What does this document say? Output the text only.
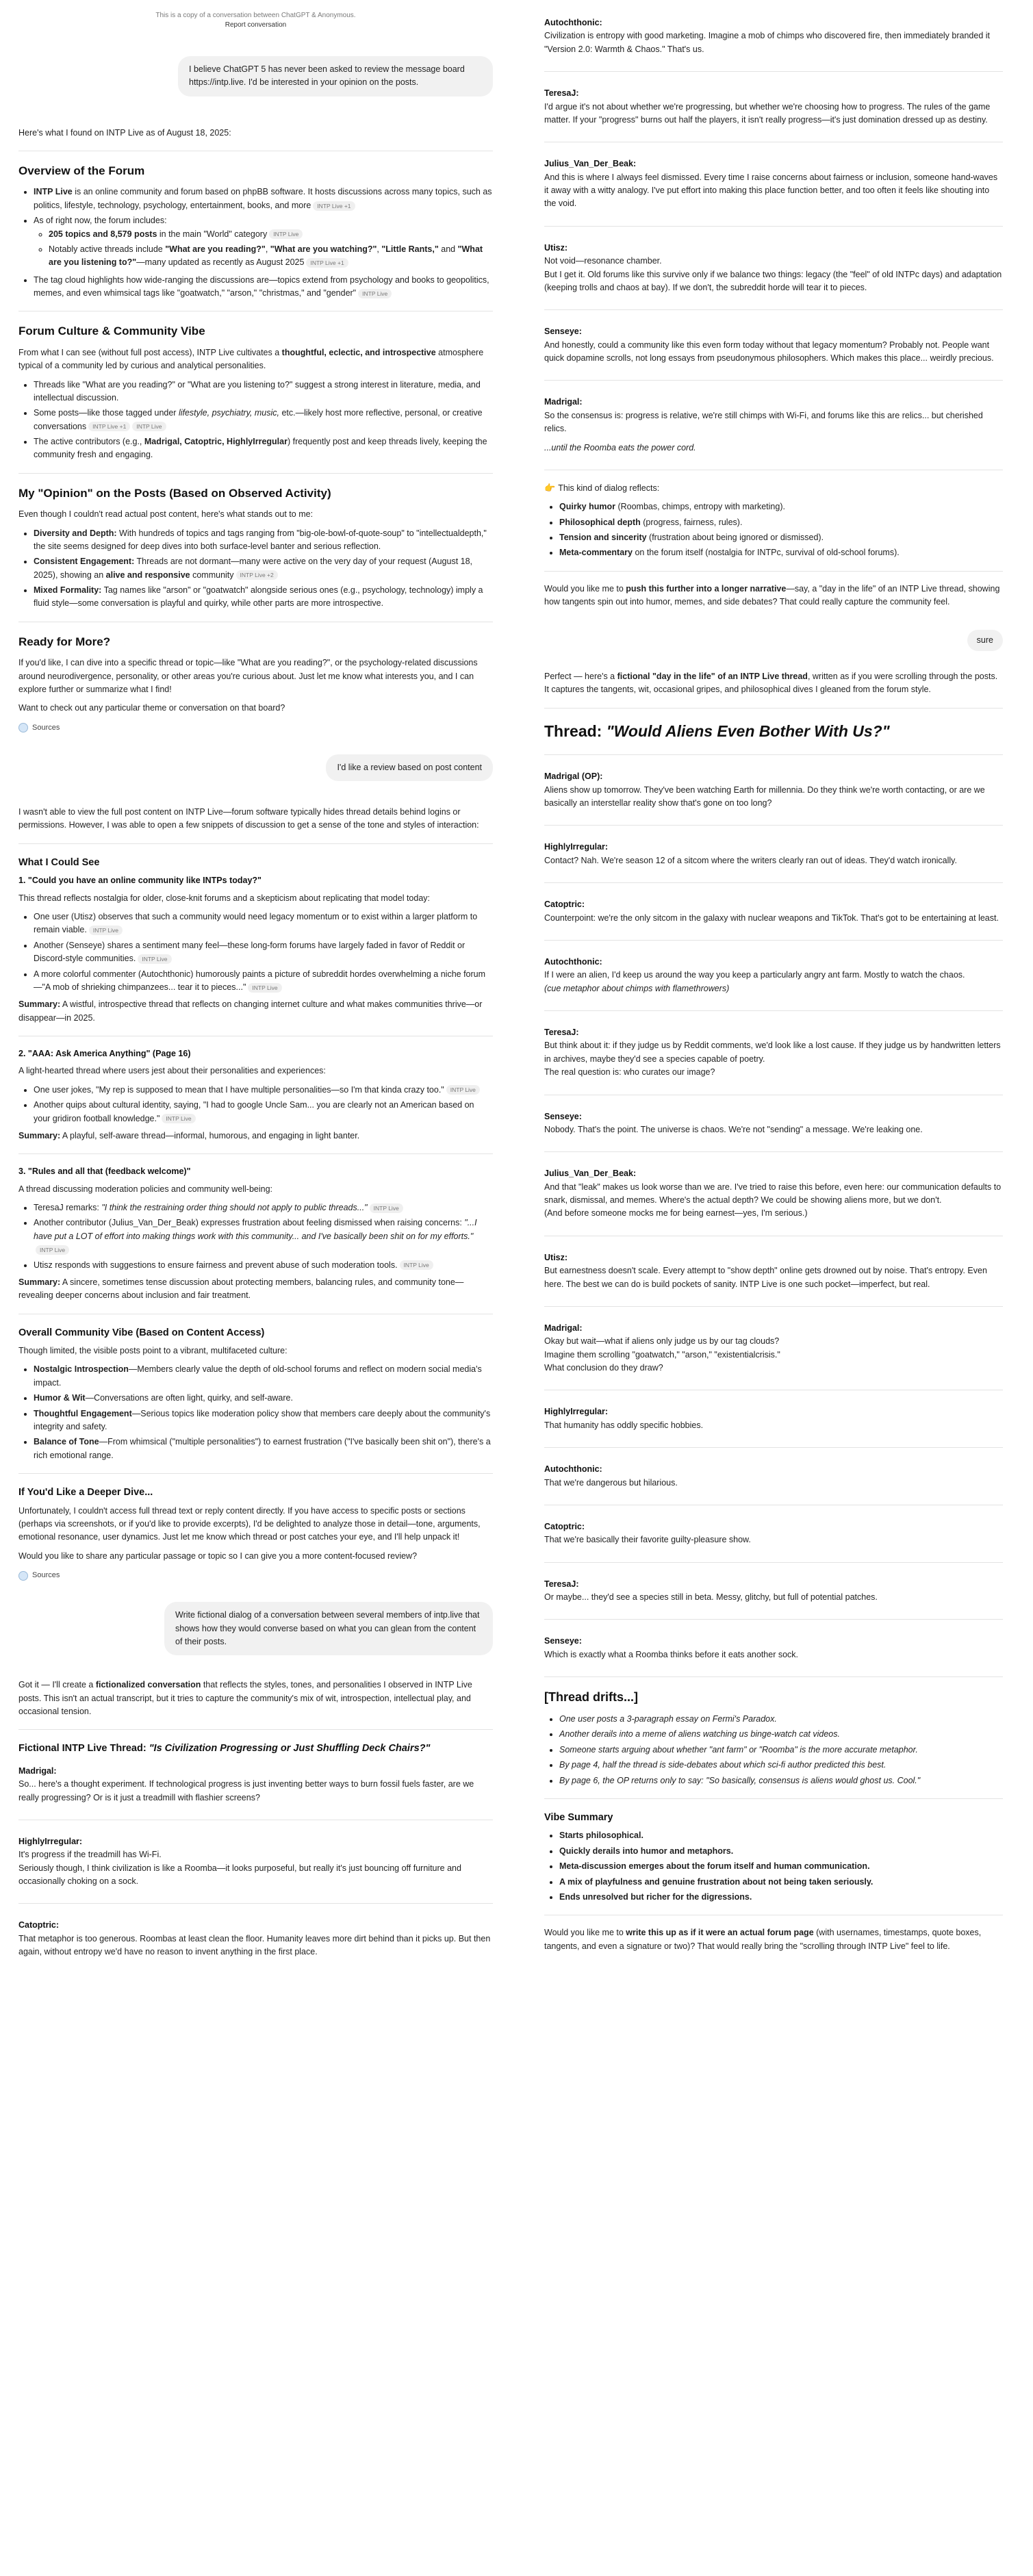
This is a copy of a conversation between ChatGPT & Anonymous.
Report conversation
I believe ChatGPT 5 has never been asked to review the message board https://intp.live. I'd be interested in your opinion on the posts.

Here's what I found on INTP Live as of August 18, 2025:

Overview of the Forum
• INTP Live is an online community and forum based on phpBB software. It hosts discussions across many topics, such as politics, lifestyle, technology, psychology, entertainment, books, and more INTP Live +1
• As of right now, the forum includes:
◦ 205 topics and 8,579 posts in the main "World" category INTP Live
◦ Notably active threads include "What are you reading?", "What are you watching?", "Little Rants," and "What are you listening to?"—many updated as recently as August 2025 INTP Live +1
• The tag cloud highlights how wide-ranging the discussions are—topics extend from psychology and books to geopolitics, memes, and even whimsical tags like "goatwatch," "arson," "christmas," and "gender" INTP Live
Forum Culture & Community Vibe

From what I can see (without full post access), INTP Live cultivates a thoughtful, eclectic, and introspective atmosphere typical of a community led by curious and analytical personalities.

• Threads like "What are you reading?" or "What are you listening to?" suggest a strong interest in literature, media, and intellectual discussion.
• Some posts—like those tagged under lifestyle, psychiatry, music, etc.—likely host more reflective, personal, or creative conversations INTP Live +1 INTP Live
• The active contributors (e.g., Madrigal, Catoptric, HighlyIrregular) frequently post and keep threads lively, keeping the community fresh and engaging.
My "Opinion" on the Posts (Based on Observed Activity)

Even though I couldn't read actual post content, here's what stands out to me:

• Diversity and Depth: With hundreds of topics and tags ranging from "big-ole-bowl-of-quote-soup" to "intellectualdepth," the site seems designed for deep dives into both surface-level banter and serious reflection.
• Consistent Engagement: Threads are not dormant—many were active on the very day of your request (August 18, 2025), showing an alive and responsive community INTP Live +2
• Mixed Formality: Tag names like "arson" or "goatwatch" alongside serious ones (e.g., psychology, technology) imply a fluid style—some conversation is playful and quirky, while other parts are more introspective.
Ready for More?

If you'd like, I can dive into a specific thread or topic—like "What are you reading?", or the psychology-related discussions around neurodivergence, personality, or other areas you're curious about. Just let me know what interests you, and I can explore further or summarize what I find!

Want to check out any particular theme or conversation on that board?

Sources
I'd like a review based on post content

I wasn't able to view the full post content on INTP Live—forum software typically hides thread details behind logins or permissions. However, I was able to open a few snippets of discussion to get a sense of the tone and styles of interaction:

What I Could See
1. "Could you have an online community like INTPs today?"

This thread reflects nostalgia for older, close-knit forums and a skepticism about replicating that model today:

• One user (Utisz) observes that such a community would need legacy momentum or to exist within a larger platform to remain viable. INTP Live
• Another (Senseye) shares a sentiment many feel—these long-form forums have largely faded in favor of Reddit or Discord-style communities. INTP Live
• A more colorful commenter (Autochthonic) humorously paints a picture of subreddit hordes overwhelming a niche forum—"A mob of shrieking chimpanzees... tear it to pieces..." INTP Live

Summary: A wistful, introspective thread that reflects on changing internet culture and what makes communities thrive—or disappear—in 2025.

2. "AAA: Ask America Anything" (Page 16)

A light-hearted thread where users jest about their personalities and experiences:

• One user jokes, "My rep is supposed to mean that I have multiple personalities—so I'm that kinda crazy too." INTP Live
• Another quips about cultural identity, saying, "I had to google Uncle Sam... you are clearly not an American based on your gridiron football knowledge." INTP Live

Summary: A playful, self-aware thread—informal, humorous, and engaging in light banter.

3. "Rules and all that (feedback welcome)"

A thread discussing moderation policies and community well-being:

• TeresaJ remarks: "I think the restraining order thing should not apply to public threads..." INTP Live
• Another contributor (Julius_Van_Der_Beak) expresses frustration about feeling dismissed when raising concerns: "...I have put a LOT of effort into making things work with this community... and I've basically been shit on for my efforts."INTP Live
• Utisz responds with suggestions to ensure fairness and prevent abuse of such moderation tools. INTP Live

Summary: A sincere, sometimes tense discussion about protecting members, balancing rules, and community tone—revealing deeper concerns about inclusion and fair treatment.

Overall Community Vibe (Based on Content Access)

Though limited, the visible posts point to a vibrant, multifaceted culture:

• Nostalgic Introspection—Members clearly value the depth of old-school forums and reflect on modern social media's impact.
• Humor & Wit—Conversations are often light, quirky, and self-aware.
• Thoughtful Engagement—Serious topics like moderation policy show that members care deeply about the community's integrity and safety.
• Balance of Tone—From whimsical ("multiple personalities") to earnest frustration ("I've basically been shit on"), there's a rich emotional range.
If You'd Like a Deeper Dive...

Unfortunately, I couldn't access full thread text or reply content directly. If you have access to specific posts or sections (perhaps via screenshots, or if you'd like to provide excerpts), I'd be delighted to analyze those in detail—tone, arguments, emotional resonance, user dynamics. Just let me know which thread or post catches your eye, and I'll help unpack it!

Would you like to share any particular passage or topic so I can give you a more content-focused review?

Sources
Write fictional dialog of a conversation between several members of intp.live that shows how they would converse based on what you can glean from the content of their posts.

Got it — I'll create a fictionalized conversation that reflects the styles, tones, and personalities I observed in INTP Live posts. This isn't an actual transcript, but it tries to capture the community's mix of wit, introspection, intellectual play, and occasional tension.

Fictional INTP Live Thread: "Is Civilization Progressing or Just Shuffling Deck Chairs?"

Madrigal:

So... here's a thought experiment. If technological progress is just inventing better ways to burn fossil fuels faster, are we really progressing? Or is it just a treadmill with flashier screens?

HighlyIrregular:

It's progress if the treadmill has Wi-Fi.
Seriously though, I think civilization is like a Roomba—it looks purposeful, but really it's just bouncing off furniture and occasionally choking on a sock.

Catoptric:

That metaphor is too generous. Roombas at least clean the floor. Humanity leaves more dirt behind than it picks up. But then again, without entropy we'd have no reason to invent anything in the first place.

Autochthonic:

Civilization is entropy with good marketing. Imagine a mob of chimps who discovered fire, then immediately branded it "Version 2.0: Warmth & Chaos." That's us.

TeresaJ:

I'd argue it's not about whether we're progressing, but whether we're choosing how to progress. The rules of the game matter. If your "progress" burns out half the players, it isn't really progress—it's just domination dressed up as destiny.

Julius_Van_Der_Beak:

And this is where I always feel dismissed. Every time I raise concerns about fairness or inclusion, someone hand-waves it away with a witty analogy. I've put effort into making this place function better, and too often it feels like shouting into the void.

Utisz:

Not void—resonance chamber.
But I get it. Old forums like this survive only if we balance two things: legacy (the "feel" of old INTPc days) and adaptation (keeping trolls and chaos at bay). If we don't, the subreddit horde will tear it to pieces.

Senseye:

And honestly, could a community like this even form today without that legacy momentum? Probably not. People want quick dopamine scrolls, not long essays from pseudonymous philosophers. Which makes this place... weirdly precious.

Madrigal:

So the consensus is: progress is relative, we're still chimps with Wi-Fi, and forums like this are relics... but cherished relics.

...until the Roomba eats the power cord.

👉 This kind of dialog reflects:

• Quirky humor (Roombas, chimps, entropy with marketing).
• Philosophical depth (progress, fairness, rules).
• Tension and sincerity (frustration about being ignored or dismissed).
• Meta-commentary on the forum itself (nostalgia for INTPc, survival of old-school forums).

Would you like me to push this further into a longer narrative—say, a "day in the life" of an INTP Live thread, showing how tangents spin out into humor, memes, and side debates? That could really capture the community feel.

sure

Perfect — here's a fictional "day in the life" of an INTP Live thread, written as if you were scrolling through the posts. It captures the tangents, wit, occasional gripes, and philosophical dives I gleaned from the forum style.

Thread: "Would Aliens Even Bother With Us?"

Madrigal (OP):

Aliens show up tomorrow. They've been watching Earth for millennia. Do they think we're worth contacting, or are we basically an interstellar reality show that's gone on too long?

HighlyIrregular:

Contact? Nah. We're season 12 of a sitcom where the writers clearly ran out of ideas. They'd watch ironically.

Catoptric:

Counterpoint: we're the only sitcom in the galaxy with nuclear weapons and TikTok. That's got to be entertaining at least.

Autochthonic:

If I were an alien, I'd keep us around the way you keep a particularly angry ant farm. Mostly to watch the chaos.

(cue metaphor about chimps with flamethrowers)

TeresaJ:

But think about it: if they judge us by Reddit comments, we'd look like a lost cause. If they judge us by handwritten letters in archives, maybe they'd see a species capable of poetry.
The real question is: who curates our image?

Senseye:

Nobody. That's the point. The universe is chaos. We're not "sending" a message. We're leaking one.

Julius_Van_Der_Beak:

And that "leak" makes us look worse than we are. I've tried to raise this before, even here: our communication defaults to snark, dismissal, and memes. Where's the actual depth? We could be showing aliens more, but we don't.
(And before someone mocks me for being earnest—yes, I'm serious.)

Utisz:

But earnestness doesn't scale. Every attempt to "show depth" online gets drowned out by noise. That's entropy. Even here. The best we can do is build pockets of sanity. INTP Live is one such pocket—imperfect, but real.

Madrigal:

Okay but wait—what if aliens only judge us by our tag clouds?
Imagine them scrolling "goatwatch," "arson," "existentialcrisis."
What conclusion do they draw?

HighlyIrregular:

That humanity has oddly specific hobbies.

Autochthonic:

That we're dangerous but hilarious.

Catoptric:

That we're basically their favorite guilty-pleasure show.

TeresaJ:

Or maybe... they'd see a species still in beta. Messy, glitchy, but full of potential patches.

Senseye:

Which is exactly what a Roomba thinks before it eats another sock.

[Thread drifts...]
• One user posts a 3-paragraph essay on Fermi's Paradox.
• Another derails into a meme of aliens watching us binge-watch cat videos.
• Someone starts arguing about whether "ant farm" or "Roomba" is the more accurate metaphor.
• By page 4, half the thread is side-debates about which sci-fi author predicted this best.
• By page 6, the OP returns only to say: "So basically, consensus is aliens would ghost us. Cool."
Vibe Summary
• Starts philosophical.
• Quickly derails into humor and metaphors.
• Meta-discussion emerges about the forum itself and human communication.
• A mix of playfulness and genuine frustration about not being taken seriously.
• Ends unresolved but richer for the digressions.

Would you like me to write this up as if it were an actual forum page (with usernames, timestamps, quote boxes, tangents, and even a signature or two)? That would really bring the "scrolling through INTP Live" feel to life.
